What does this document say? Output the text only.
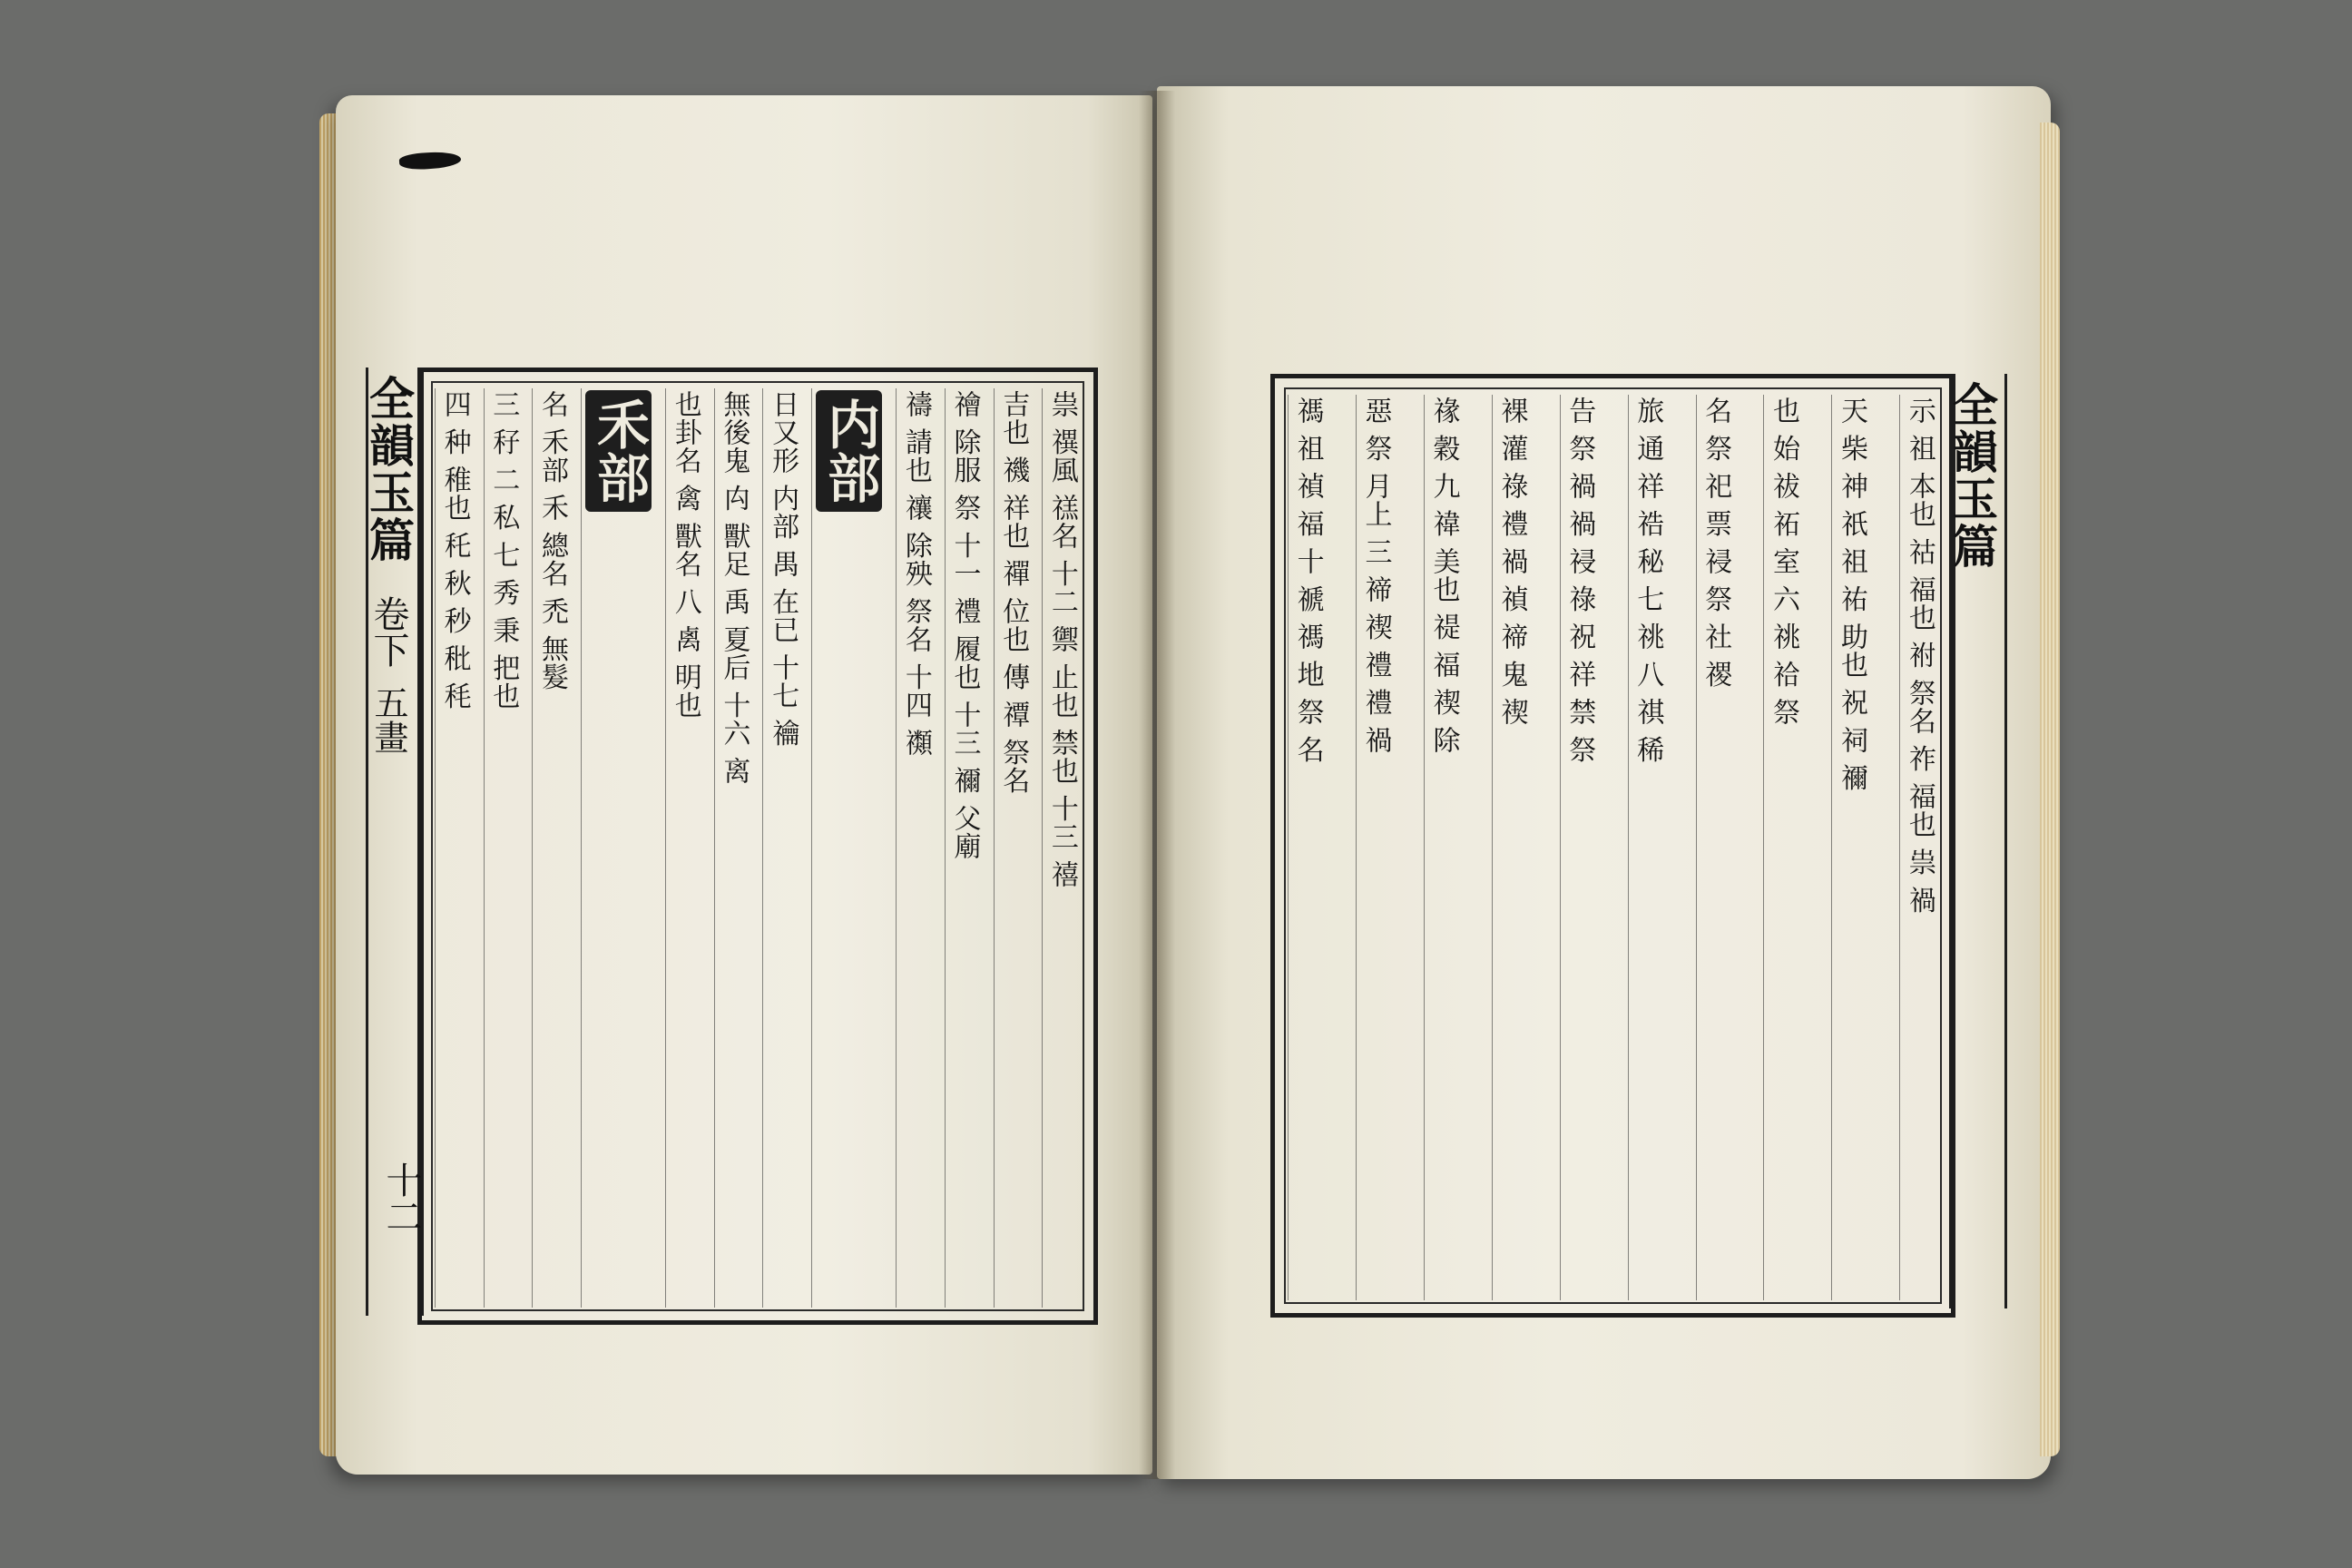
全韻玉篇 卷下 五畫
十二
祟 禩風 禚名 ⼗二 禦 止也 禁也 ⼗三 禧
吉也 禨 祥也 禪 位也 傳 禫 祭名
禬 除服 祭 ⼗一 禮 履也 ⼗三 禰 父廟
禱 請也 禳 除殃 祭名 ⼗四 禷
内部
日又形 内部 禺 在已 ⼗七 禴
無後鬼 禸 獸足 禹 夏后 ⼗六 离
也卦名 禽 獸名 八 禼 明也
禾部
名 禾部 禾 總名 禿 無髮
三 秄 二 私 七 秀 秉 把也
四 种 稚也 秅 秋 秒 秕 秏	全韻玉篇
示 祖 本也 祜 福也 祔 祭名 祚 福也 祟 禍
天 柴 神 祇 祖 祐 助也 祝 祠 禰
也 始 祓 祏 室 六 祧 祫 祭
名 祭 祀 票 祲 祭 社 禝
旅 通 祥 祰 秘 七 祧 八 祺 稀
告 祭 禍 禍 祲 祿 祝 祥 禁 祭
裸 灌 祿 禮 禍 禎 禘 鬼 禊
禒 穀 九 禕 美也 禔 福 禊 除
惡 祭 月上 三 禘 禊 禮 禮 禍
禡 祖 禎 福 十 禠 禡 地 祭 名
